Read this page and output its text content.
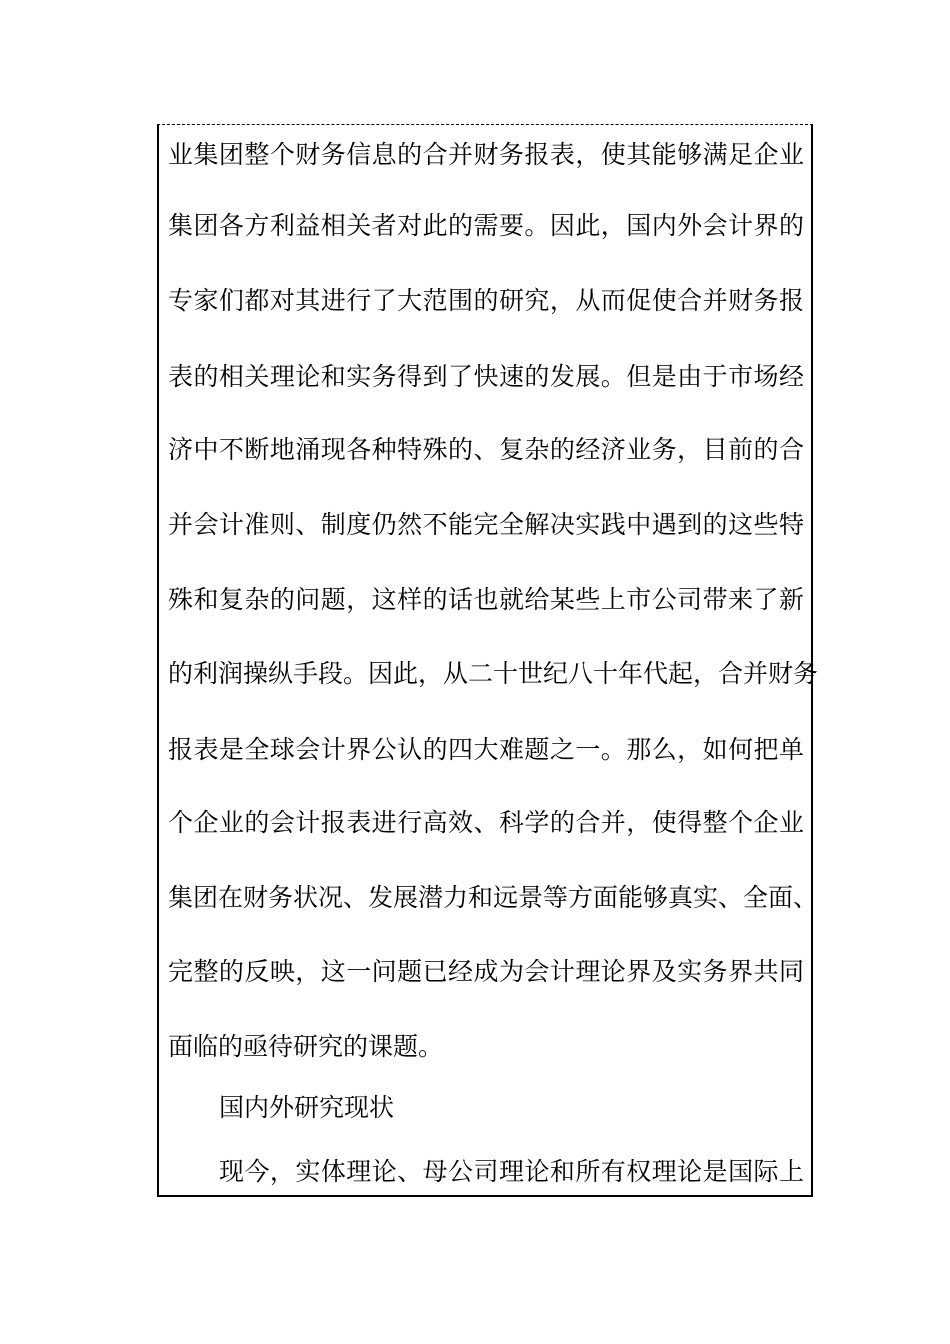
业集团整个财务信息的合并财务报表，使其能够满足企业
集团各方利益相关者对此的需要。因此，国内外会计界的
专家们都对其进行了大范围的研究，从而促使合并财务报
表的相关理论和实务得到了快速的发展。但是由于市场经
济中不断地涌现各种特殊的、复杂的经济业务，目前的合
并会计准则、制度仍然不能完全解决实践中遇到的这些特
殊和复杂的问题，这样的话也就给某些上市公司带来了新
的利润操纵手段。因此，从二十世纪八十年代起，合并财务
报表是全球会计界公认的四大难题之一。那么，如何把单
个企业的会计报表进行高效、科学的合并，使得整个企业
集团在财务状况、发展潜力和远景等方面能够真实、全面、
完整的反映，这一问题已经成为会计理论界及实务界共同
面临的亟待研究的课题。
国内外研究现状
现今，实体理论、母公司理论和所有权理论是国际上
